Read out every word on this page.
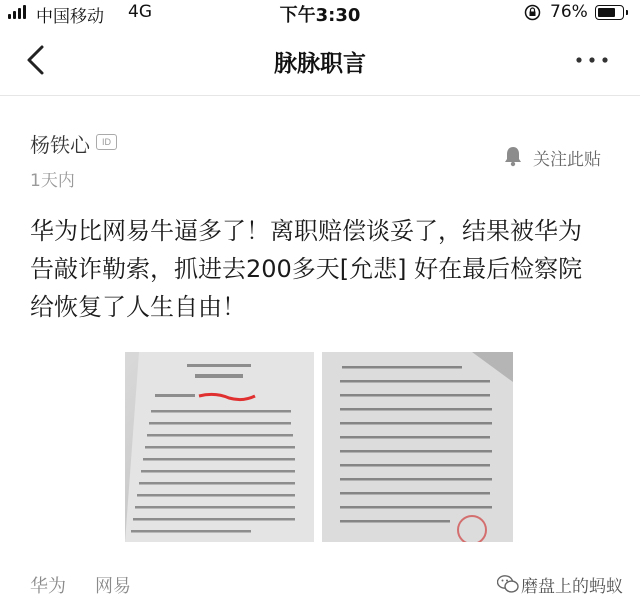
中国移动 4G	下午3:30	76%
脉脉职言
杨铁心	ID
1天内
关注此贴

华为比网易牛逼多了！离职赔偿谈妥了，结果被华为

告敲诈勒索，抓进去200多天[允悲] 好在最后检察院

给恢复了人生自由！

华为 网易	磨盘上的蚂蚁
